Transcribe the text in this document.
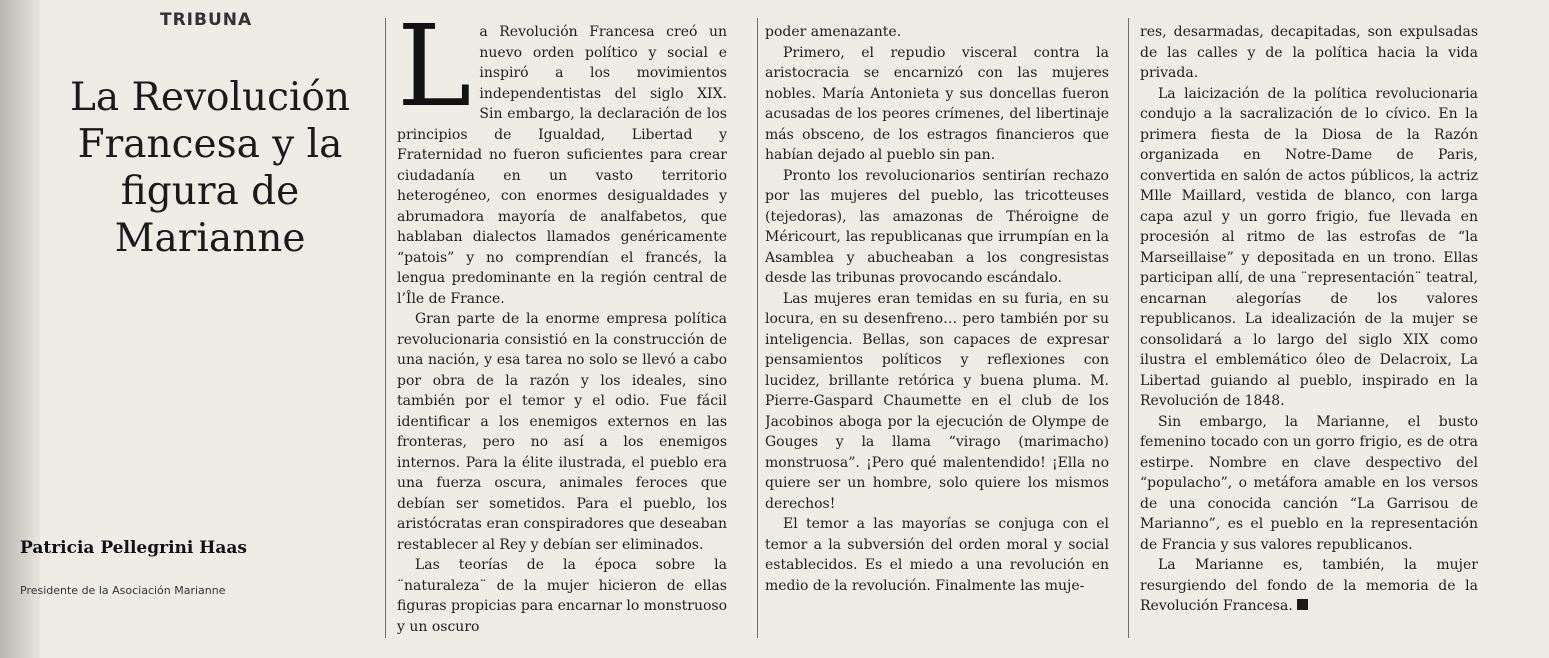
TRIBUNA
La Revolución Francesa y la figura de Marianne
Patricia Pellegrini Haas
Presidente de la Asociación Marianne
L a Revolución Francesa creó un nuevo orden político y social e inspiró a los movimientos independentistas del siglo XIX. Sin embargo, la declaración de los principios de Igualdad, Libertad y Fraternidad no fueron suficientes para crear ciudadanía en un vasto territorio heterogéneo, con enormes desigualdades y abrumadora mayoría de analfabetos, que hablaban dialectos llamados genéricamente “patois” y no comprendían el francés, la lengua predominante en la región central de l’Île de France.

Gran parte de la enorme empresa política revolucionaria consistió en la construcción de una nación, y esa tarea no solo se llevó a cabo por obra de la razón y los ideales, sino también por el temor y el odio. Fue fácil identificar a los enemigos externos en las fronteras, pero no así a los enemigos internos. Para la élite ilustrada, el pueblo era una fuerza oscura, animales feroces que debían ser sometidos. Para el pueblo, los aristócratas eran conspiradores que deseaban restablecer al Rey y debían ser eliminados.

Las teorías de la época sobre la ¨naturaleza¨ de la mujer hicieron de ellas figuras propicias para encarnar lo monstruoso y un oscuro

poder amenazante.

Primero, el repudio visceral contra la aristocracia se encarnizó con las mujeres nobles. María Antonieta y sus doncellas fueron acusadas de los peores crímenes, del libertinaje más obsceno, de los estragos financieros que habían dejado al pueblo sin pan.

Pronto los revolucionarios sentirían rechazo por las mujeres del pueblo, las tricotteuses (tejedoras), las amazonas de Théroigne de Méricourt, las republicanas que irrumpían en la Asamblea y abucheaban a los congresistas desde las tribunas provocando escándalo.

Las mujeres eran temidas en su furia, en su locura, en su desenfreno… pero también por su inteligencia. Bellas, son capaces de expresar pensamientos políticos y reflexiones con lucidez, brillante retórica y buena pluma. M. Pierre-Gaspard Chaumette en el club de los Jacobinos aboga por la ejecución de Olympe de Gouges y la llama “virago (marimacho) monstruosa”. ¡Pero qué malentendido! ¡Ella no quiere ser un hombre, solo quiere los mismos derechos!

El temor a las mayorías se conjuga con el temor a la subversión del orden moral y social establecidos. Es el miedo a una revolución en medio de la revolución. Finalmente las muje-

res, desarmadas, decapitadas, son expulsadas de las calles y de la política hacia la vida privada.

La laicización de la política revolucionaria condujo a la sacralización de lo cívico. En la primera fiesta de la Diosa de la Razón organizada en Notre-Dame de Paris, convertida en salón de actos públicos, la actriz Mlle Maillard, vestida de blanco, con larga capa azul y un gorro frigio, fue llevada en procesión al ritmo de las estrofas de “la Marseillaise” y depositada en un trono. Ellas participan allí, de una ¨representación¨ teatral, encarnan alegorías de los valores republicanos. La idealización de la mujer se consolidará a lo largo del siglo XIX como ilustra el emblemático óleo de Delacroix, La Libertad guiando al pueblo, inspirado en la Revolución de 1848.

Sin embargo, la Marianne, el busto femenino tocado con un gorro frigio, es de otra estirpe. Nombre en clave despectivo del “populacho”, o metáfora amable en los versos de una conocida canción “La Garrisou de Marianno”, es el pueblo en la representación de Francia y sus valores republicanos.

La Marianne es, también, la mujer resurgiendo del fondo de la memoria de la Revolución Francesa.
